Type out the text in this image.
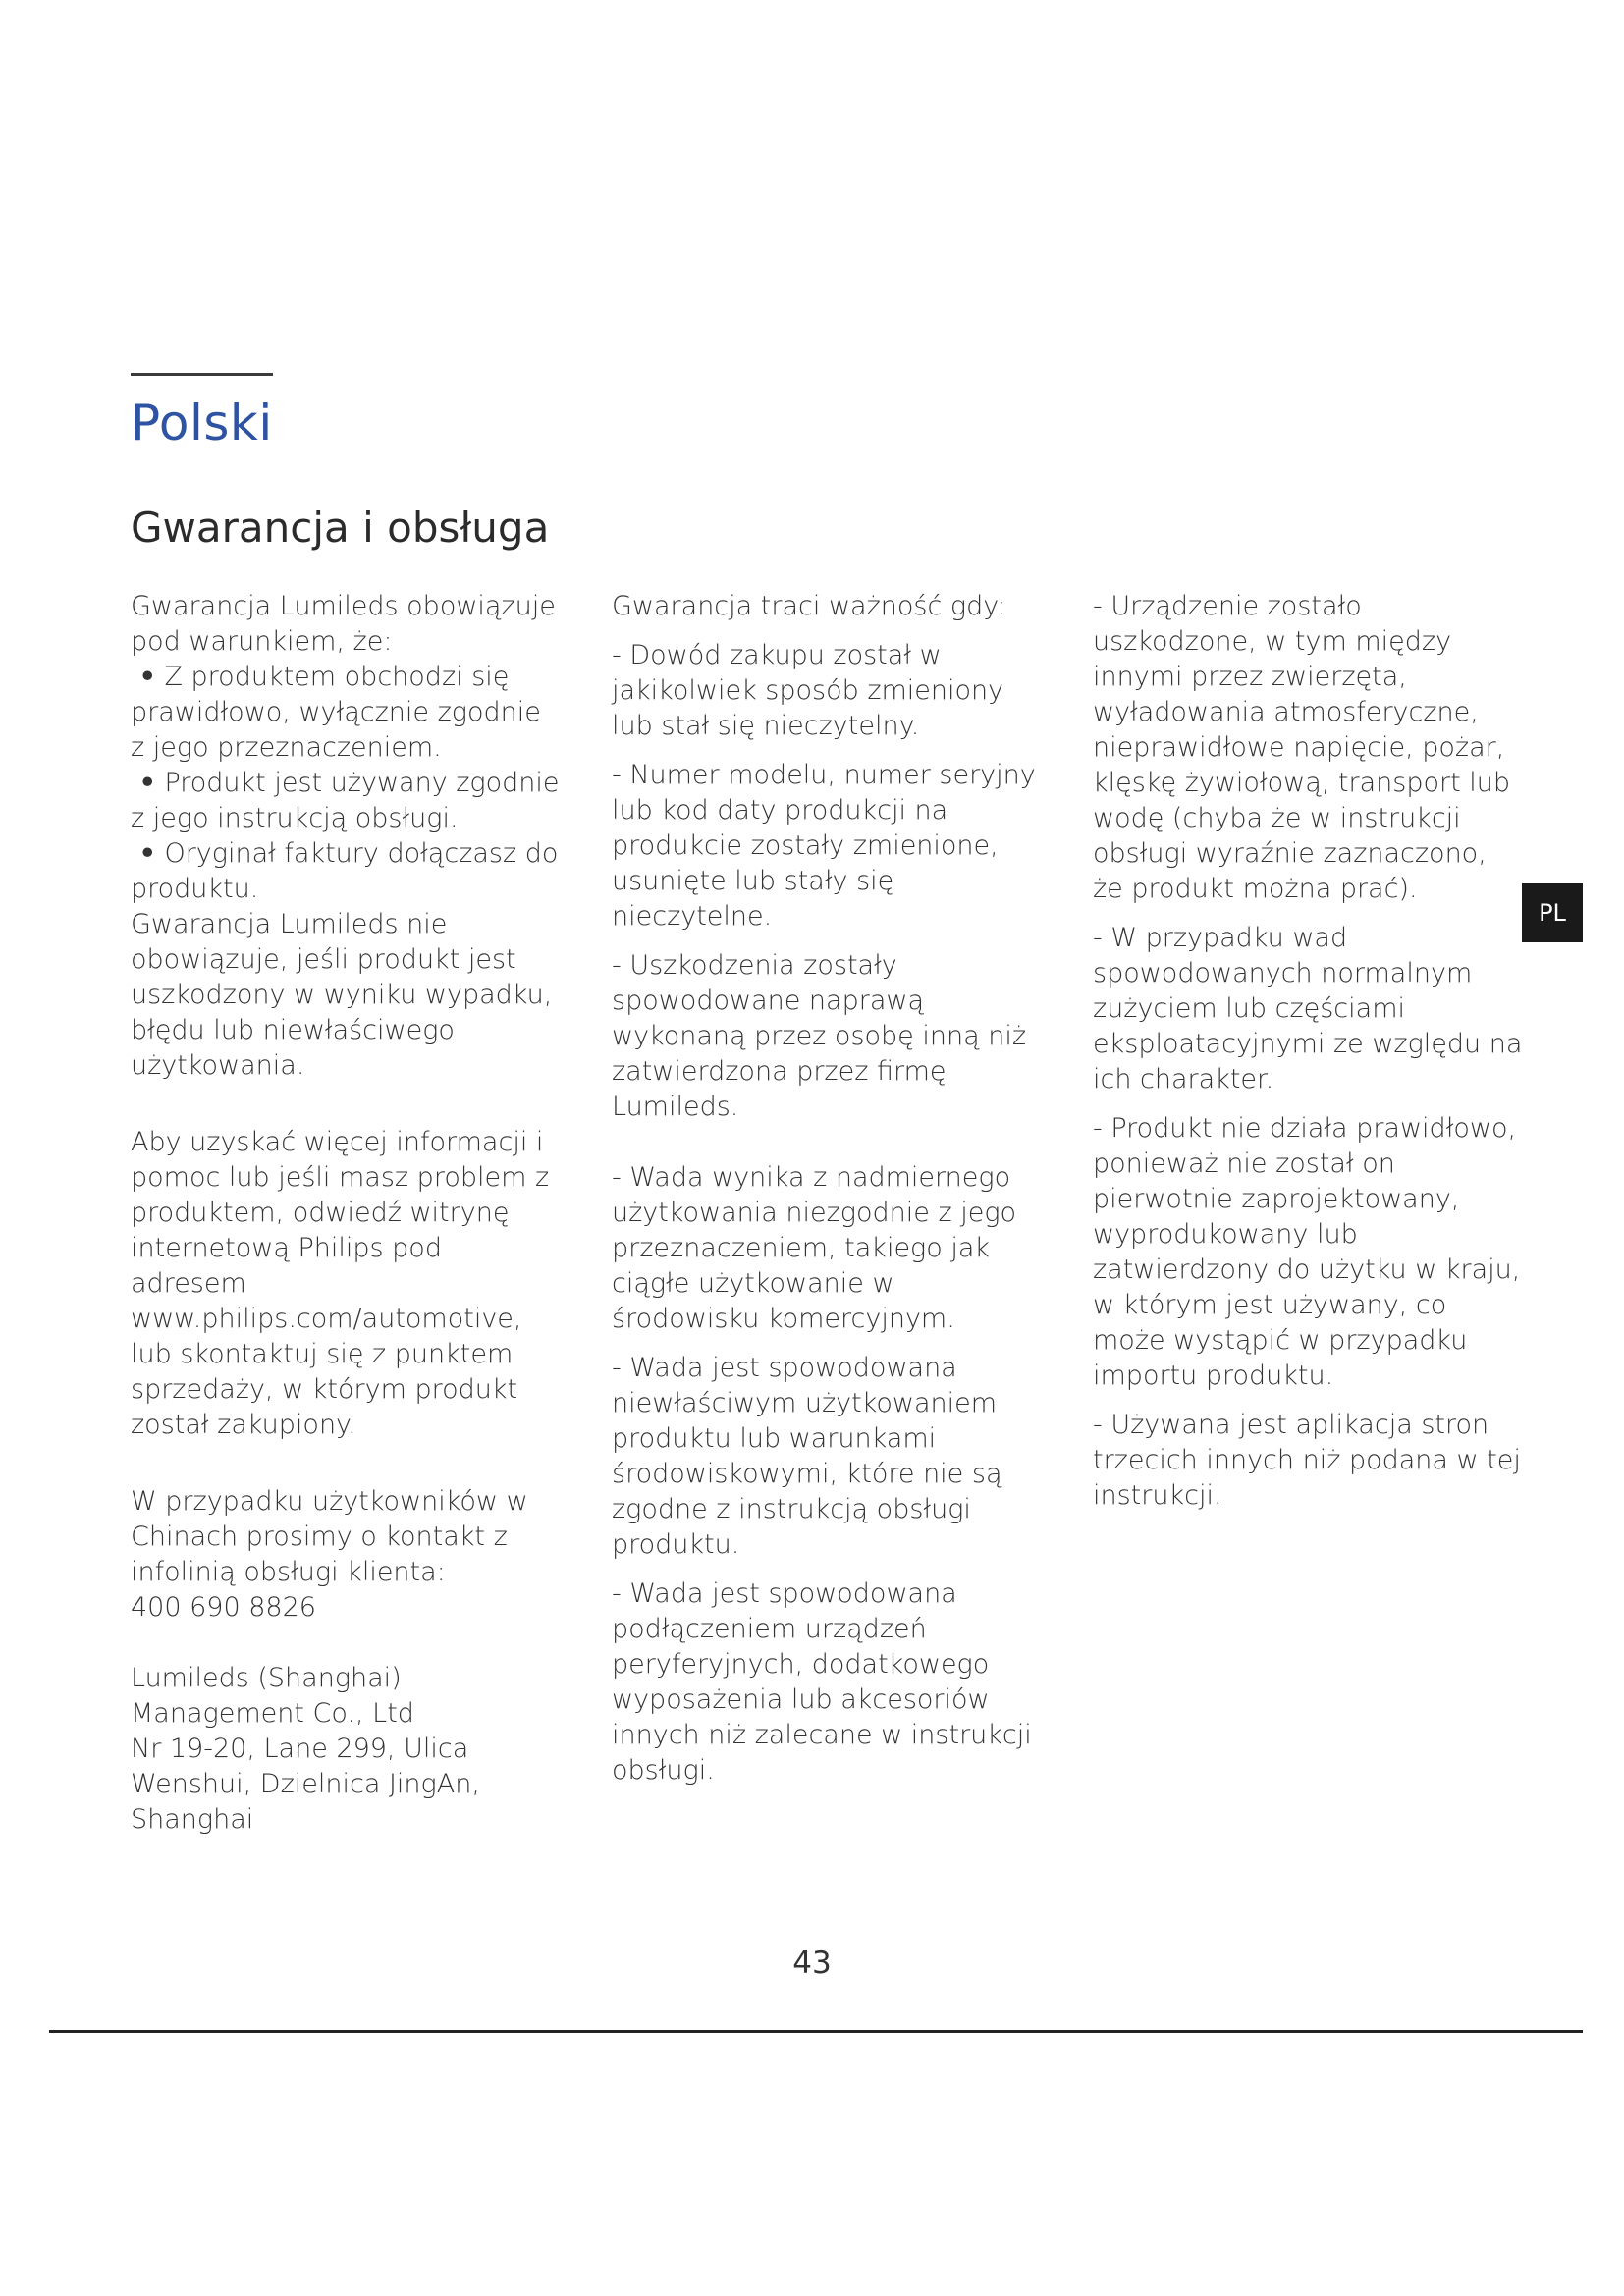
Polski
Gwarancja i obsługa

Gwarancja Lumileds obowiązuje pod warunkiem, że:

• Z produktem obchodzi się prawidłowo, wyłącznie zgodnie z jego przeznaczeniem.
• Produkt jest używany zgodnie z jego instrukcją obsługi.
• Oryginał faktury dołączasz do produktu.

Gwarancja Lumileds nie obowiązuje, jeśli produkt jest uszkodzony w wyniku wypadku, błędu lub niewłaściwego użytkowania.

Aby uzyskać więcej informacji i pomoc lub jeśli masz problem z produktem, odwiedź witrynę internetową Philips pod adresem www.philips.com/automotive, lub skontaktuj się z punktem sprzedaży, w którym produkt został zakupiony.

W przypadku użytkowników w Chinach prosimy o kontakt z infolinią obsługi klienta:

400 690 8826

Lumileds (Shanghai) Management Co., Ltd

Nr 19-20, Lane 299, Ulica Wenshui, Dzielnica JingAn, Shanghai

Gwarancja traci ważność gdy:

- Dowód zakupu został w jakikolwiek sposób zmieniony lub stał się nieczytelny.

- Numer modelu, numer seryjny lub kod daty produkcji na produkcie zostały zmienione, usunięte lub stały się nieczytelne.

- Uszkodzenia zostały spowodowane naprawą wykonaną przez osobę inną niż zatwierdzona przez firmę Lumileds.

- Wada wynika z nadmiernego użytkowania niezgodnie z jego przeznaczeniem, takiego jak ciągłe użytkowanie w środowisku komercyjnym.

- Wada jest spowodowana niewłaściwym użytkowaniem produktu lub warunkami środowiskowymi, które nie są zgodne z instrukcją obsługi produktu.

- Wada jest spowodowana podłączeniem urządzeń peryferyjnych, dodatkowego wyposażenia lub akcesoriów innych niż zalecane w instrukcji obsługi.

- Urządzenie zostało uszkodzone, w tym między innymi przez zwierzęta, wyładowania atmosferyczne, nieprawidłowe napięcie, pożar, klęskę żywiołową, transport lub wodę (chyba że w instrukcji obsługi wyraźnie zaznaczono, że produkt można prać).

- W przypadku wad spowodowanych normalnym zużyciem lub częściami eksploatacyjnymi ze względu na ich charakter.

- Produkt nie działa prawidłowo, ponieważ nie został on pierwotnie zaprojektowany, wyprodukowany lub zatwierdzony do użytku w kraju, w którym jest używany, co może wystąpić w przypadku importu produktu.

- Używana jest aplikacja stron trzecich innych niż podana w tej instrukcji.

PL
43
